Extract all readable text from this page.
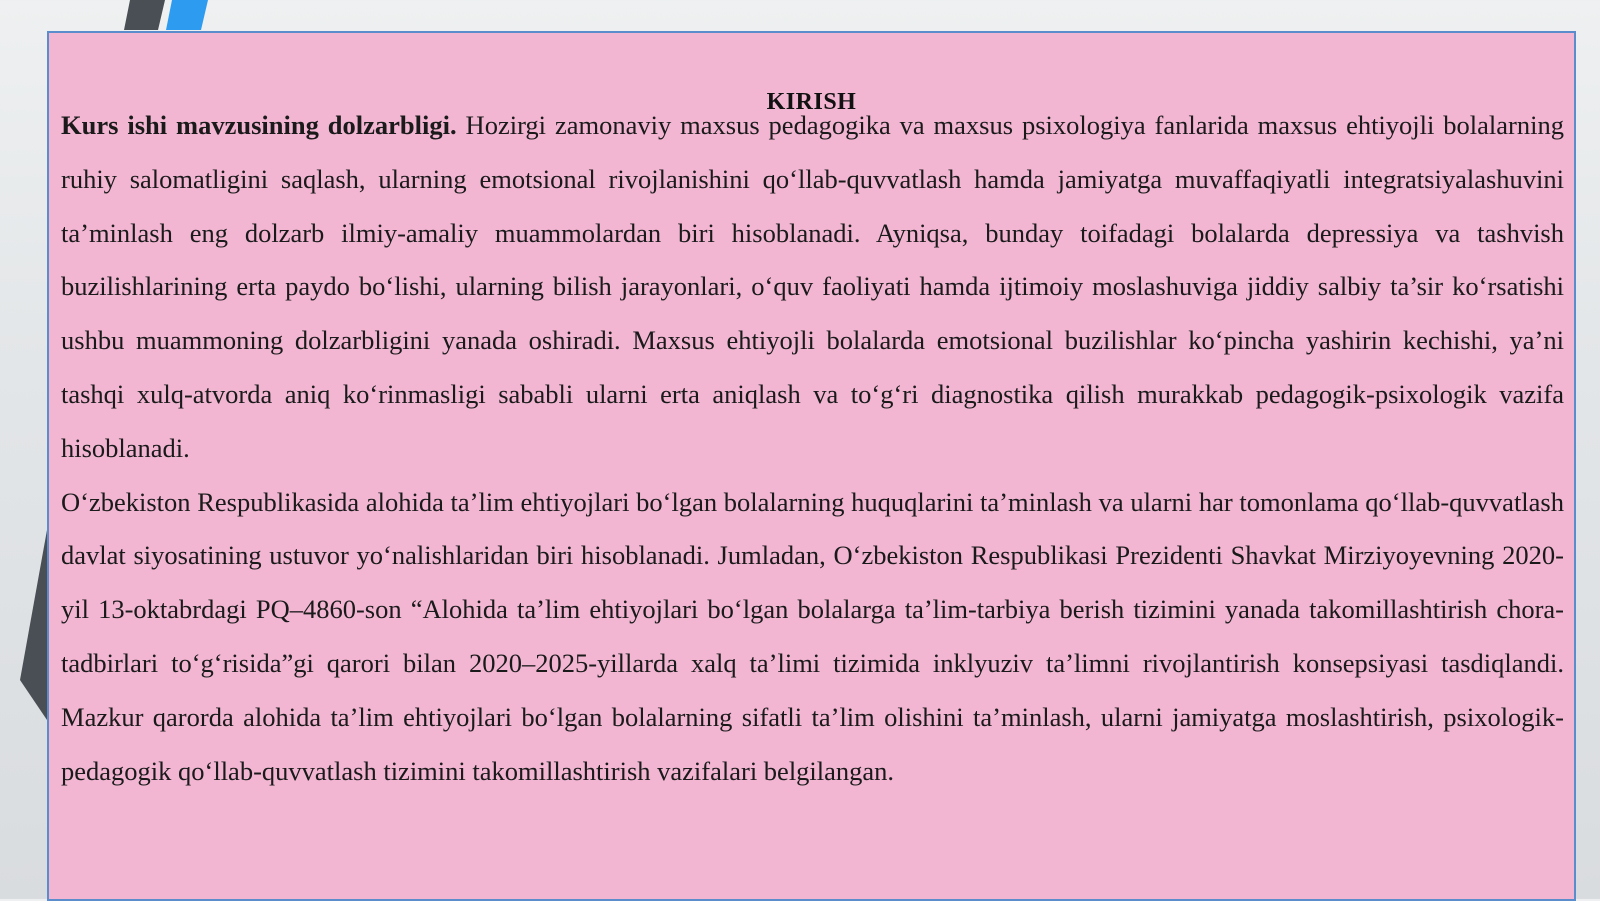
KIRISH

Kurs ishi mavzusining dolzarbligi. Hozirgi zamonaviy maxsus pedagogika va maxsus psixologiya fanlarida maxsus ehtiyojli bolalarning ruhiy salomatligini saqlash, ularning emotsional rivojlanishini qo‘llab-quvvatlash hamda jamiyatga muvaffaqiyatli integratsiyalashuvini ta’minlash eng dolzarb ilmiy-amaliy muammolardan biri hisoblanadi. Ayniqsa, bunday toifadagi bolalarda depressiya va tashvish buzilishlarining erta paydo bo‘lishi, ularning bilish jarayonlari, o‘quv faoliyati hamda ijtimoiy moslashuviga jiddiy salbiy ta’sir ko‘rsatishi ushbu muammoning dolzarbligini yanada oshiradi. Maxsus ehtiyojli bolalarda emotsional buzilishlar ko‘pincha yashirin kechishi, ya’ni tashqi xulq-atvorda aniq ko‘rinmasligi sababli ularni erta aniqlash va to‘g‘ri diagnostika qilish murakkab pedagogik-psixologik vazifa hisoblanadi.

O‘zbekiston Respublikasida alohida ta’lim ehtiyojlari bo‘lgan bolalarning huquqlarini ta’minlash va ularni har tomonlama qo‘llab-quvvatlash davlat siyosatining ustuvor yo‘nalishlaridan biri hisoblanadi. Jumladan, O‘zbekiston Respublikasi Prezidenti Shavkat Mirziyoyevning 2020-yil 13-oktabrdagi PQ–4860-son “Alohida ta’lim ehtiyojlari bo‘lgan bolalarga ta’lim-tarbiya berish tizimini yanada takomillashtirish chora-tadbirlari to‘g‘risida”gi qarori bilan 2020–2025-yillarda xalq ta’limi tizimida inklyuziv ta’limni rivojlantirish konsepsiyasi tasdiqlandi. Mazkur qarorda alohida ta’lim ehtiyojlari bo‘lgan bolalarning sifatli ta’lim olishini ta’minlash, ularni jamiyatga moslashtirish, psixologik-pedagogik qo‘llab-quvvatlash tizimini takomillashtirish vazifalari belgilangan.
